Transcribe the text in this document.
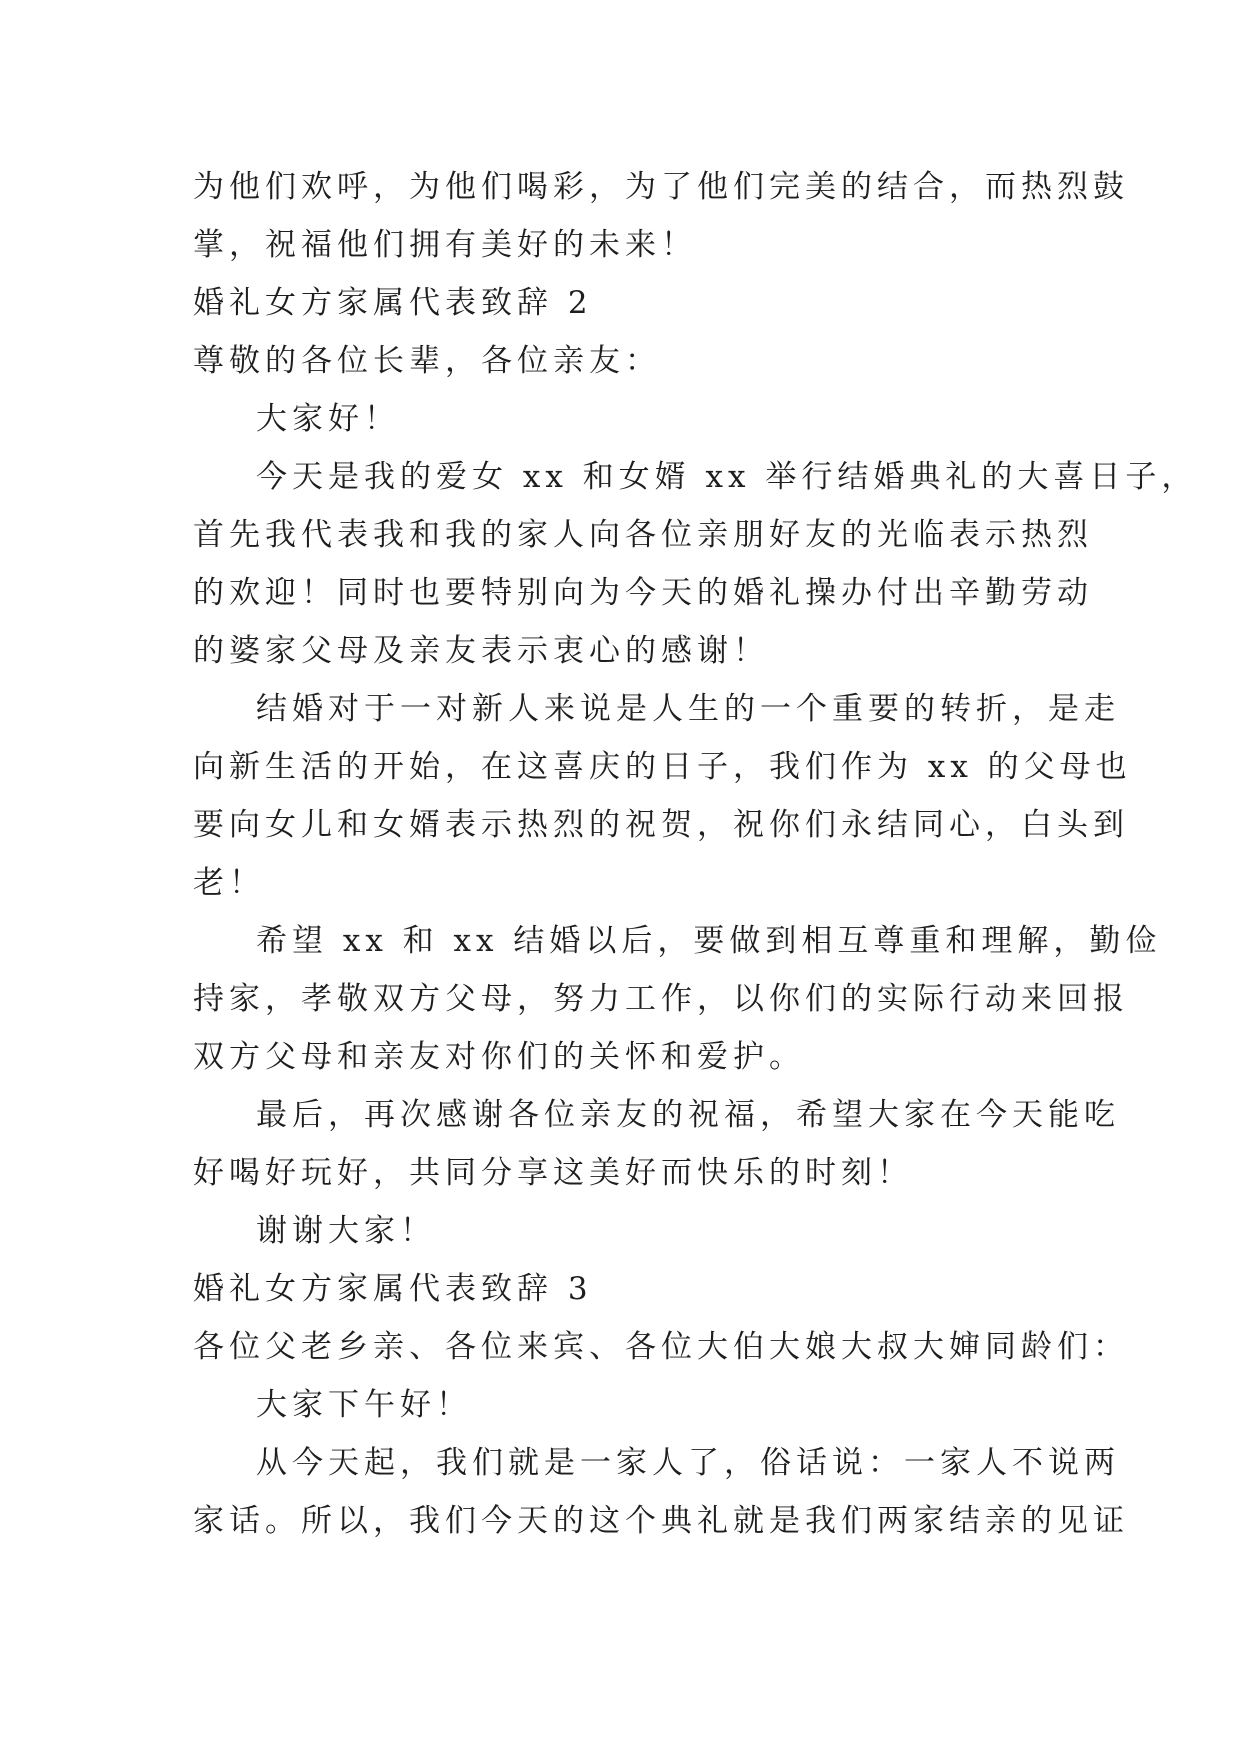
为他们欢呼，为他们喝彩，为了他们完美的结合，而热烈鼓
掌，祝福他们拥有美好的未来！
婚礼女方家属代表致辞 2
尊敬的各位长辈，各位亲友：
大家好！
今天是我的爱女 xx 和女婿 xx 举行结婚典礼的大喜日子，
首先我代表我和我的家人向各位亲朋好友的光临表示热烈
的欢迎！同时也要特别向为今天的婚礼操办付出辛勤劳动
的婆家父母及亲友表示衷心的感谢！
结婚对于一对新人来说是人生的一个重要的转折，是走
向新生活的开始，在这喜庆的日子，我们作为 xx 的父母也
要向女儿和女婿表示热烈的祝贺，祝你们永结同心，白头到
老！
希望 xx 和 xx 结婚以后，要做到相互尊重和理解，勤俭
持家，孝敬双方父母，努力工作，以你们的实际行动来回报
双方父母和亲友对你们的关怀和爱护。
最后，再次感谢各位亲友的祝福，希望大家在今天能吃
好喝好玩好，共同分享这美好而快乐的时刻！
谢谢大家！
婚礼女方家属代表致辞 3
各位父老乡亲、各位来宾、各位大伯大娘大叔大婶同龄们：
大家下午好！
从今天起，我们就是一家人了，俗话说：一家人不说两
家话。所以，我们今天的这个典礼就是我们两家结亲的见证
